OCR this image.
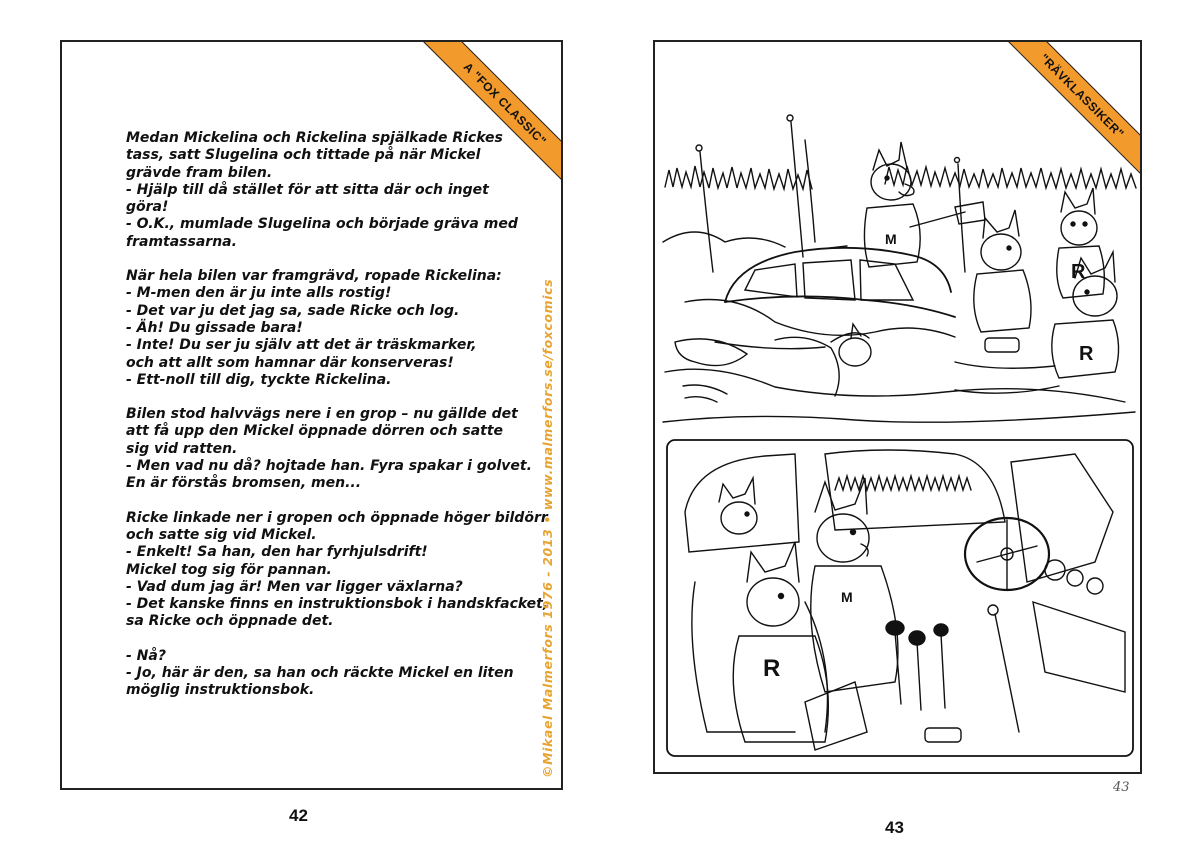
A "FOX CLASSIC"
Medan Mickelina och Rickelina spjälkade Rickes
tass, satt Slugelina och tittade på när Mickel
grävde fram bilen.
- Hjälp till då stället för att sitta där och inget
göra!
- O.K., mumlade Slugelina och började gräva med
framtassarna.
När hela bilen var framgrävd, ropade Rickelina:
- M-men den är ju inte alls rostig!
- Det var ju det jag sa, sade Ricke och log.
- Äh! Du gissade bara!
- Inte! Du ser ju själv att det är träskmarker,
och att allt som hamnar där konserveras!
- Ett-noll till dig, tyckte Rickelina.
Bilen stod halvvägs nere i en grop – nu gällde det
att få upp den Mickel öppnade dörren och satte
sig vid ratten.
- Men vad nu då? hojtade han. Fyra spakar i golvet.
En är förstås bromsen, men...
Ricke linkade ner i gropen och öppnade höger bildörr
och satte sig vid Mickel.
- Enkelt! Sa han, den har fyrhjulsdrift!
Mickel tog sig för pannan.
- Vad dum jag är! Men var ligger växlarna?
- Det kanske finns en instruktionsbok i handskfacket,
sa Ricke och öppnade det.
- Nå?
- Jo, här är den, sa han och räckte Mickel en liten
möglig instruktionsbok.	©Mikael Malmerfors 1976 - 2013 • www.malmerfors.se/foxcomics
42
"RÄVKLASSIKER"
M
R
R
M
R
43
43
